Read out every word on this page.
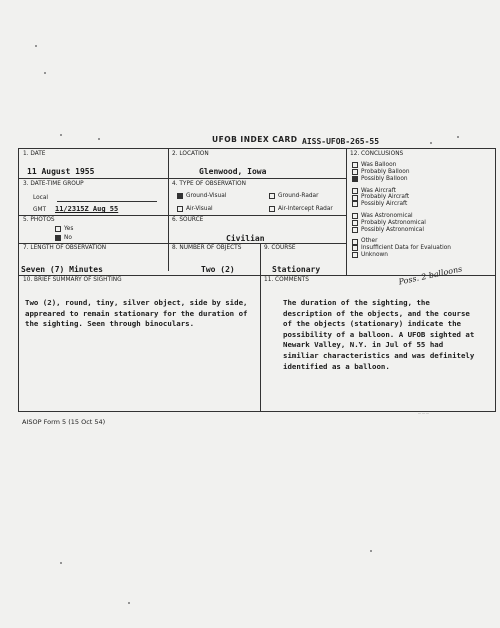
UFOB INDEX CARD AISS-UFOB-265-55
1. DATE
11 August 1955
2. LOCATION
Glenwood, Iowa
3. DATE-TIME GROUP
Local
GMT 11/2315Z Aug 55
4. TYPE OF OBSERVATION
Ground-Visual	Ground-Radar
Air-Visual	Air-Intercept Radar
5. PHOTOS
Yes
No
6. SOURCE
Civilian
7. LENGTH OF OBSERVATION
Seven (7) Minutes
8. NUMBER OF OBJECTS
Two (2)
9. COURSE
Stationary
12. CONCLUSIONS
Was Balloon
Probably Balloon
Possibly Balloon
Was Aircraft
Probably Aircraft
Possibly Aircraft
Was Astronomical
Probably Astronomical
Possibly Astronomical
Other
Insufficient Data for Evaluation
Unknown
10. BRIEF SUMMARY OF SIGHTING
Two (2), round, tiny, silver object, side by side, appreared to remain stationary for the duration of the sighting. Seen through binoculars.
11. COMMENTS
The duration of the sighting, the description of the objects, and the course of the objects (stationary) indicate the possibility of a balloon. A UFOB sighted at Newark Valley, N.Y. in Jul of 55 had similiar characteristics and was definitely identified as a balloon.
Poss. 2 balloons
AISOP Form 5 (15 Oct 54)
― ― ―
